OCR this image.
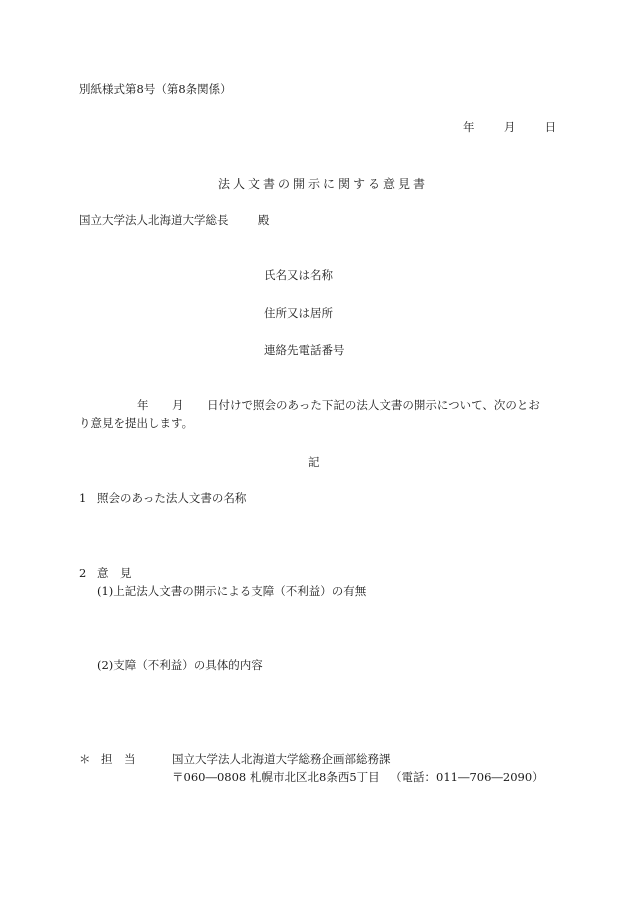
別紙様式第8号（第8条関係）
年	月	日
法人文書の開示に関する意見書
国立大学法人北海道大学総長	殿
氏名又は名称
住所又は居所
連絡先電話番号
年 月 日付けで照会のあった下記の法人文書の開示について、次のとお
り意見を提出します。
記
1 照会のあった法人文書の名称
2 意　見
(1)上記法人文書の開示による支障（不利益）の有無
(2)支障（不利益）の具体的内容
＊ 担　当	国立大学法人北海道大学総務企画部総務課
〒060―0808 札幌市北区北8条西5丁目 （電話：011―706―2090）
